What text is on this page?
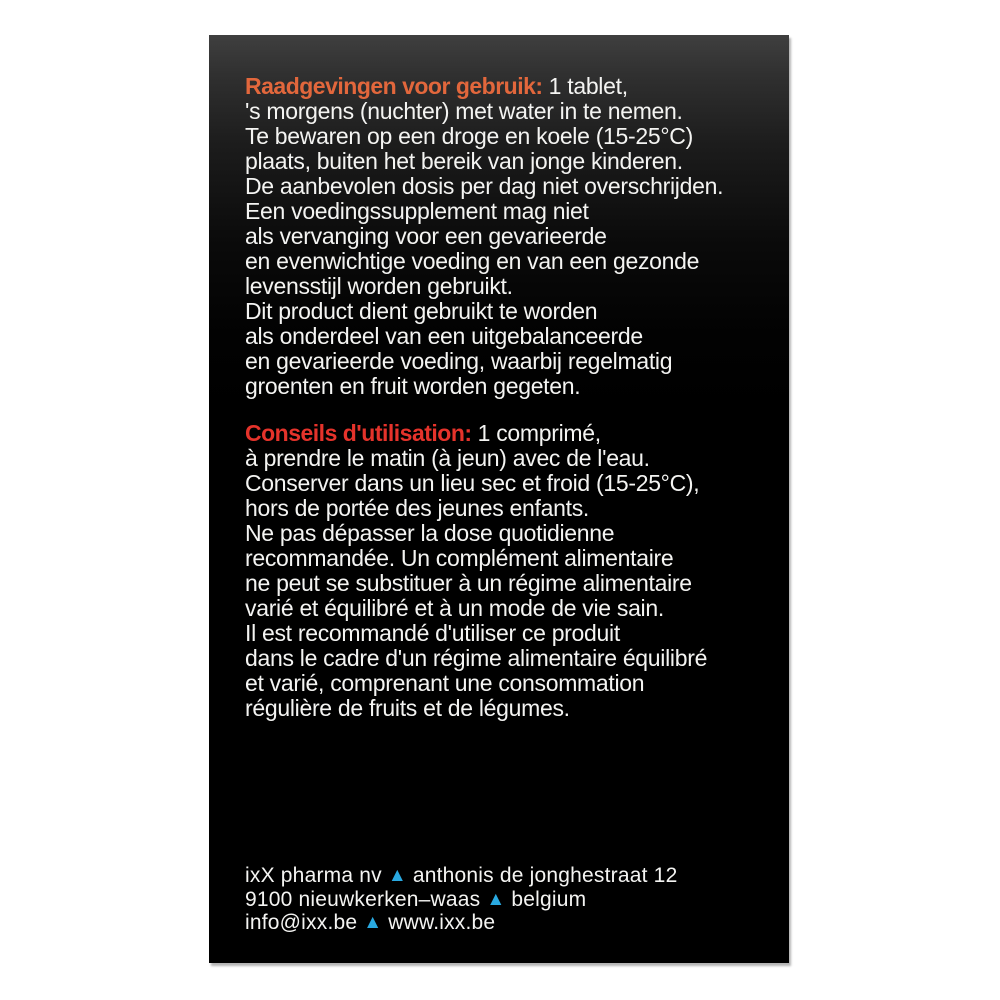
Raadgevingen voor gebruik: 1 tablet,
's morgens (nuchter) met water in te nemen.
Te bewaren op een droge en koele (15-25°C)
plaats, buiten het bereik van jonge kinderen.
De aanbevolen dosis per dag niet overschrijden.
Een voedingssupplement mag niet
als vervanging voor een gevarieerde
en evenwichtige voeding en van een gezonde
levensstijl worden gebruikt.
Dit product dient gebruikt te worden
als onderdeel van een uitgebalanceerde
en gevarieerde voeding, waarbij regelmatig
groenten en fruit worden gegeten.
Conseils d'utilisation: 1 comprimé,
à prendre le matin (à jeun) avec de l'eau.
Conserver dans un lieu sec et froid (15-25°C),
hors de portée des jeunes enfants.
Ne pas dépasser la dose quotidienne
recommandée. Un complément alimentaire
ne peut se substituer à un régime alimentaire
varié et équilibré et à un mode de vie sain.
Il est recommandé d'utiliser ce produit
dans le cadre d'un régime alimentaire équilibré
et varié, comprenant une consommation
régulière de fruits et de légumes.
ixX pharma nv ▲ anthonis de jonghestraat 12
9100 nieuwkerken–waas ▲ belgium
info@ixx.be ▲ www.ixx.be
